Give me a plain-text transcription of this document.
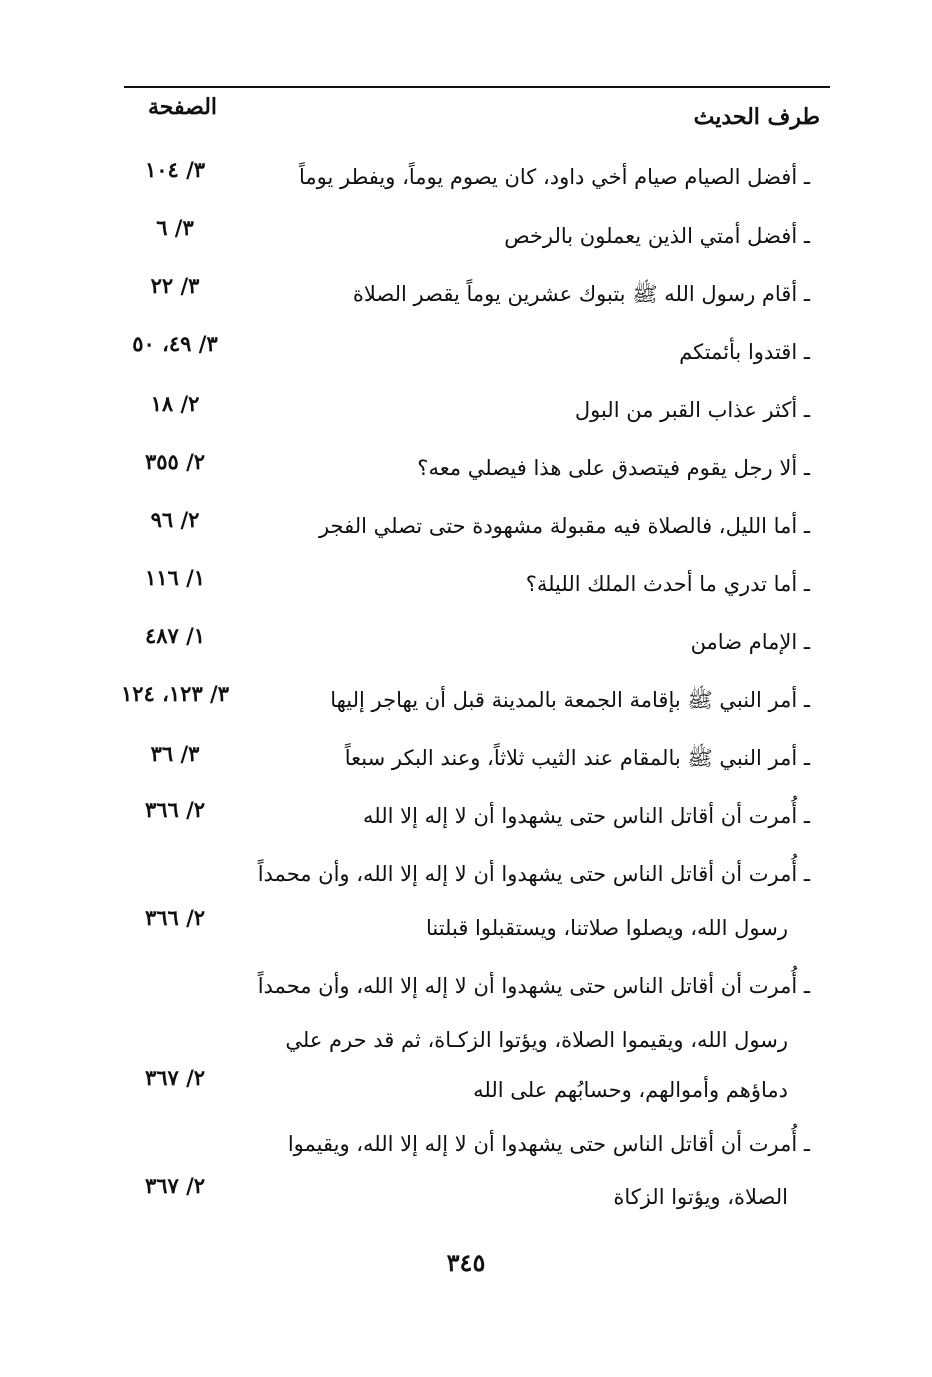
طرف الحديث
الصفحة
ـ أفضل الصيام صيام أخي داود، كان يصوم يوماً، ويفطر يوماً
٣/ ١٠٤
ـ أفضل أمتي الذين يعملون بالرخص
٣/ ٦
ـ أقام رسول الله ﷺ بتبوك عشرين يوماً يقصر الصلاة
٣/ ٢٢
ـ اقتدوا بأئمتكم
٣/ ٤٩، ٥٠
ـ أكثر عذاب القبر من البول
٢/ ١٨
ـ ألا رجل يقوم فيتصدق على هذا فيصلي معه؟
٢/ ٣٥٥
ـ أما الليل، فالصلاة فيه مقبولة مشهودة حتى تصلي الفجر
٢/ ٩٦
ـ أما تدري ما أحدث الملك الليلة؟
١/ ١١٦
ـ الإمام ضامن
١/ ٤٨٧
ـ أمر النبي ﷺ بإقامة الجمعة بالمدينة قبل أن يهاجر إليها
٣/ ١٢٣، ١٢٤
ـ أمر النبي ﷺ بالمقام عند الثيب ثلاثاً، وعند البكر سبعاً
٣/ ٣٦
ـ أُمرت أن أقاتل الناس حتى يشهدوا أن لا إله إلا الله
٢/ ٣٦٦
ـ أُمرت أن أقاتل الناس حتى يشهدوا أن لا إله إلا الله، وأن محمداً
رسول الله، ويصلوا صلاتنا، ويستقبلوا قبلتنا
٢/ ٣٦٦
ـ أُمرت أن أقاتل الناس حتى يشهدوا أن لا إله إلا الله، وأن محمداً
رسول الله، ويقيموا الصلاة، ويؤتوا الزكـاة، ثم قد حرم علي
دماؤهم وأموالهم، وحسابُهم على الله
٢/ ٣٦٧
ـ أُمرت أن أقاتل الناس حتى يشهدوا أن لا إله إلا الله، ويقيموا
الصلاة، ويؤتوا الزكاة
٢/ ٣٦٧
٣٤٥
